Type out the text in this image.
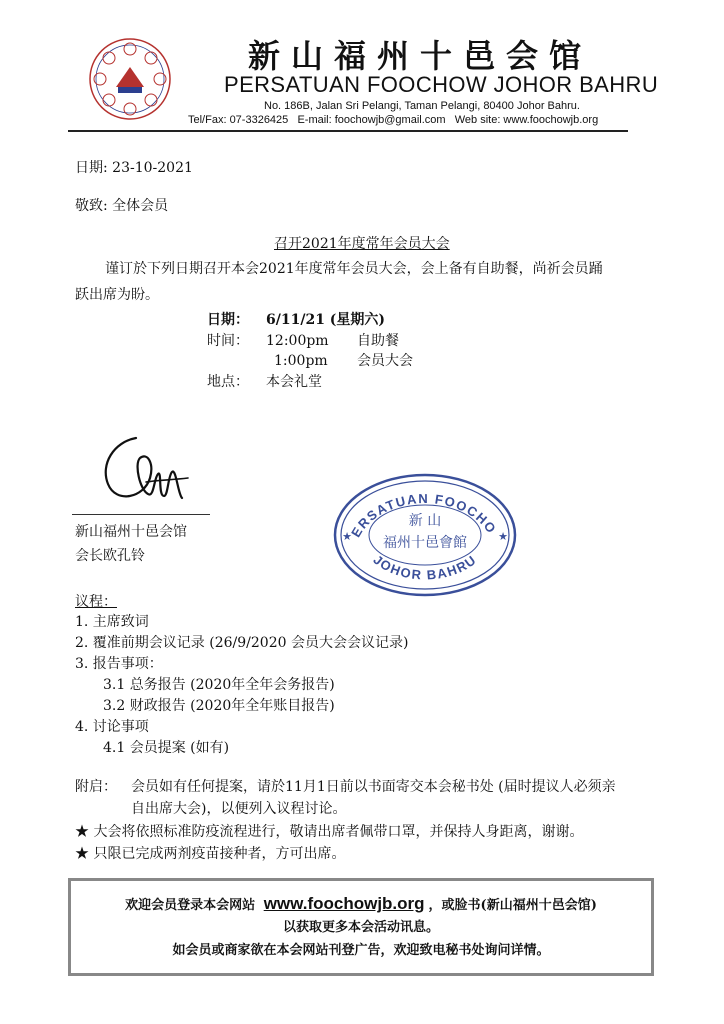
新山福州十邑会馆
PERSATUAN FOOCHOW JOHOR BAHRU
No. 186B, Jalan Sri Pelangi, Taman Pelangi, 80400 Johor Bahru.
Tel/Fax: 07-3326425   E-mail: foochowjb@gmail.com   Web site: www.foochowjb.org
日期: 23-10-2021
敬致: 全体会员
召开2021年度常年会员大会
谨订於下列日期召开本会2021年度常年会员大会，会上备有自助餐，尚祈会员踊
跃出席为盼。
日期： 6/11/21 (星期六)
时间： 12:00pm 自助餐
1:00pm 会员大会
地点： 本会礼堂
新山福州十邑会馆
会长欧孔铃
ERSATUAN FOOCHO
JOHOR BAHRU
新 山
福州十邑會館
★	★
议程：
1. 主席致词
2. 覆准前期会议记录 (26/9/2020 会员大会会议记录)
3. 报告事项：
3.1 总务报告 (2020年全年会务报告)
3.2 财政报告 (2020年全年账目报告)
4. 讨论事项
4.1 会员提案 (如有)
附启： 会员如有任何提案，请於11月1日前以书面寄交本会秘书处 (届时提议人必须亲
自出席大会)，以便列入议程讨论。
★ 大会将依照标准防疫流程进行，敬请出席者佩带口罩，并保持人身距离，谢谢。
★ 只限已完成两剂疫苗接种者，方可出席。
欢迎会员登录本会网站 www.foochowjb.org ，或脸书(新山福州十邑会馆)
以获取更多本会活动讯息。
如会员或商家欲在本会网站刊登广告，欢迎致电秘书处询问详情。
